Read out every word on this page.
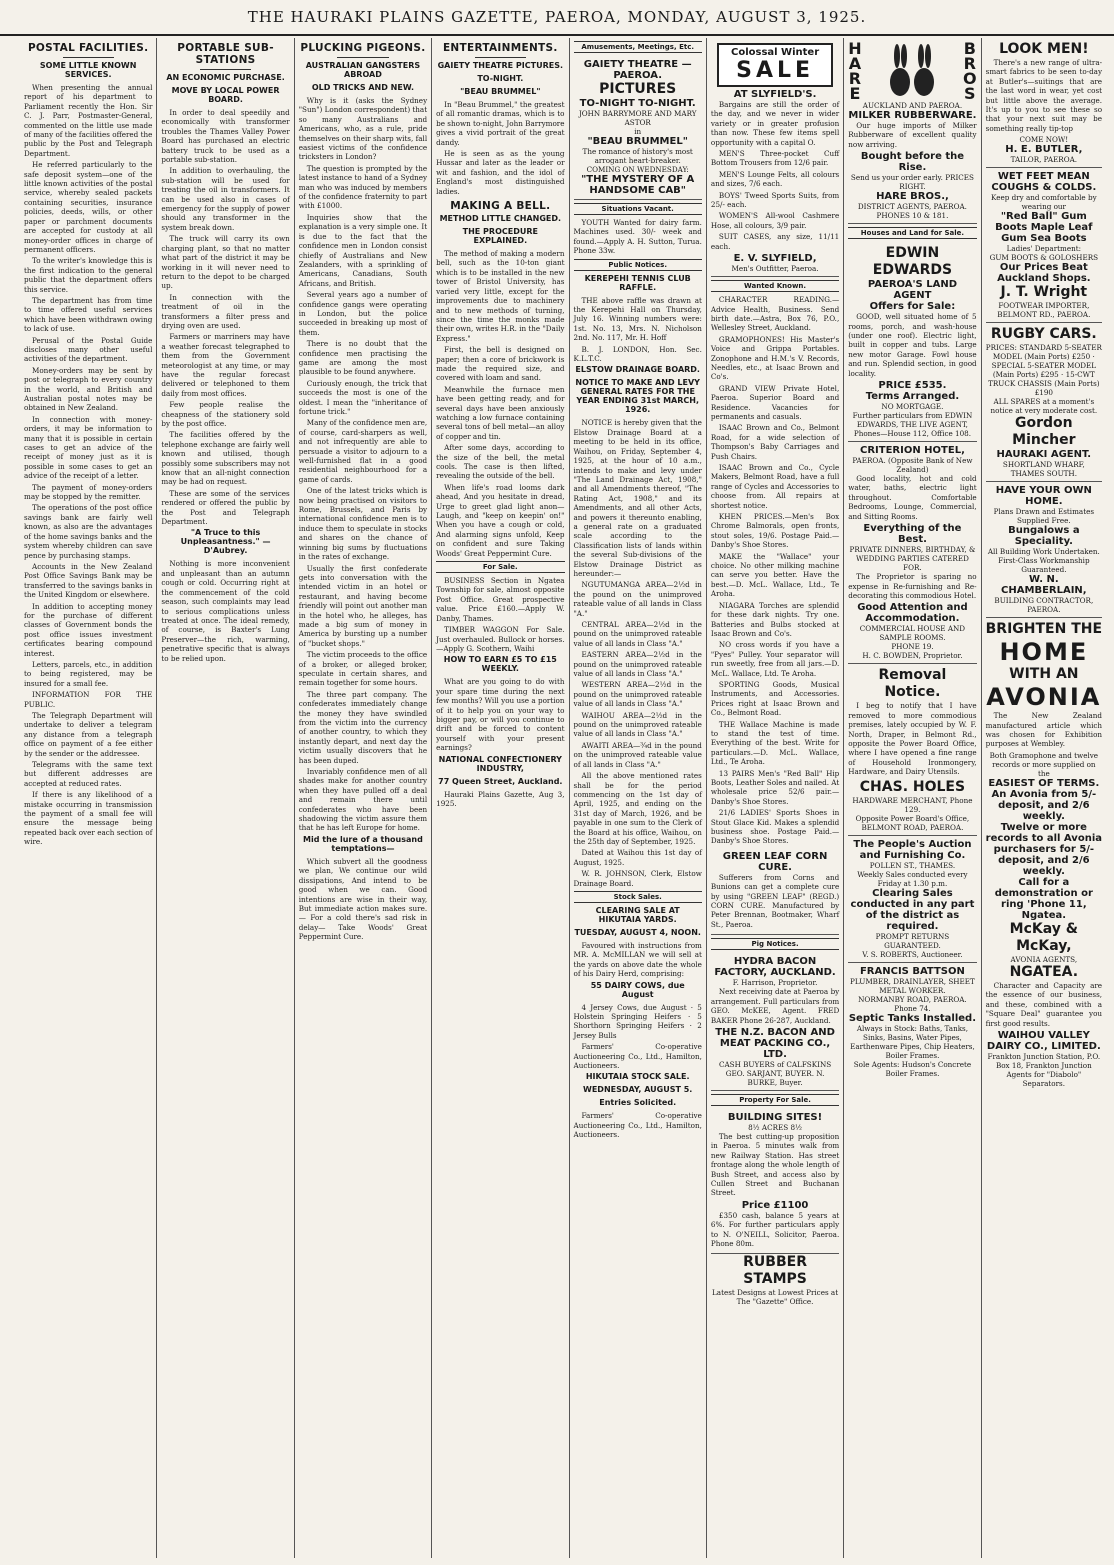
THE HAURAKI PLAINS GAZETTE, PAEROA, MONDAY, AUGUST 3, 1925.
POSTAL FACILITIES.
SOME LITTLE KNOWN SERVICES.

When presenting the annual report of his department to Parliament recently the Hon. Sir C. J. Parr, Postmaster-General, commented on the little use made of many of the facilities offered the public by the Post and Telegraph Department.

He referred particularly to the safe deposit system—one of the little known activities of the postal service, whereby sealed packets containing securities, insurance policies, deeds, wills, or other paper or parchment documents are accepted for custody at all money-order offices in charge of permanent officers.

To the writer's knowledge this is the first indication to the general public that the department offers this service.

The department has from time to time offered useful services which have been withdrawn owing to lack of use.

Perusal of the Postal Guide discloses many other useful activities of the department.

Money-orders may be sent by post or telegraph to every country in the world, and British and Australian postal notes may be obtained in New Zealand.

In connection with money-orders, it may be information to many that it is possible in certain cases to get an advice of the receipt of money just as it is possible in some cases to get an advice of the receipt of a letter.

The payment of money-orders may be stopped by the remitter.

The operations of the post office savings bank are fairly well known, as also are the advantages of the home savings banks and the system whereby children can save pence by purchasing stamps.

Accounts in the New Zealand Post Office Savings Bank may be transferred to the savings banks in the United Kingdom or elsewhere.

In addition to accepting money for the purchase of different classes of Government bonds the post office issues investment certificates bearing compound interest.

Letters, parcels, etc., in addition to being registered, may be insured for a small fee.

INFORMATION FOR THE PUBLIC.

The Telegraph Department will undertake to deliver a telegram any distance from a telegraph office on payment of a fee either by the sender or the addressee.

Telegrams with the same text but different addresses are accepted at reduced rates.

If there is any likelihood of a mistake occurring in transmission the payment of a small fee will ensure the message being repeated back over each section of wire.

PORTABLE SUB-STATIONS
AN ECONOMIC PURCHASE.
MOVE BY LOCAL POWER BOARD.

In order to deal speedily and economically with transformer troubles the Thames Valley Power Board has purchased an electric battery truck to be used as a portable sub-station.

In addition to overhauling, the sub-station will be used for treating the oil in transformers. It can be used also in cases of emergency for the supply of power should any transformer in the system break down.

The truck will carry its own charging plant, so that no matter what part of the district it may be working in it will never need to return to the depot to be charged up.

In connection with the treatment of oil in the transformers a filter press and drying oven are used.

Farmers or marriners may have a weather forecast telegraphed to them from the Government meteorologist at any time, or may have the regular forecast delivered or telephoned to them daily from most offices.

Few people realise the cheapness of the stationery sold by the post office.

The facilities offered by the telephone exchange are fairly well known and utilised, though possibly some subscribers may not know that an all-night connection may be had on request.

These are some of the services rendered or offered the public by the Post and Telegraph Department.

"A Truce to this Unpleasantness." —D'Aubrey.

Nothing is more inconvenient and unpleasant than an autumn cough or cold. Occurring right at the commencement of the cold season, such complaints may lead to serious complications unless treated at once. The ideal remedy, of course, is Baxter's Lung Preserver—the rich, warming, penetrative specific that is always to be relied upon.

PLUCKING PIGEONS.
AUSTRALIAN GANGSTERS ABROAD
OLD TRICKS AND NEW.

Why is it (asks the Sydney "Sun") London correspondent) that so many Australians and Americans, who, as a rule, pride themselves on their sharp wits, fall easiest victims of the confidence tricksters in London?

The question is prompted by the latest instance to hand of a Sydney man who was induced by members of the confidence fraternity to part with £1000.

Inquiries show that the explanation is a very simple one. It is due to the fact that the confidence men in London consist chiefly of Australians and New Zealanders, with a sprinkling of Americans, Canadians, South Africans, and British.

Several years ago a number of confidence gangs were operating in London, but the police succeeded in breaking up most of them.

There is no doubt that the confidence men practising the game are among the most plausible to be found anywhere.

Curiously enough, the trick that succeeds the most is one of the oldest. I mean the "inheritance of fortune trick."

Many of the confidence men are, of course, card-sharpers as well, and not infrequently are able to persuade a visitor to adjourn to a well-furnished flat in a good residential neighbourhood for a game of cards.

One of the latest tricks which is now being practised on visitors to Rome, Brussels, and Paris by international confidence men is to induce them to speculate in stocks and shares on the chance of winning big sums by fluctuations in the rates of exchange.

Usually the first confederate gets into conversation with the intended victim in an hotel or restaurant, and having become friendly will point out another man in the hotel who, he alleges, has made a big sum of money in America by bursting up a number of "bucket shops."

The victim proceeds to the office of a broker, or alleged broker, speculate in certain shares, and remain together for some hours.

The three part company. The confederates immediately change the money they have swindled from the victim into the currency of another country, to which they instantly depart, and next day the victim usually discovers that he has been duped.

Invariably confidence men of all shades make for another country when they have pulled off a deal and remain there until confederates who have been shadowing the victim assure them that he has left Europe for home.

Mid the lure of a thousand temptations—

Which subvert all the goodness we plan, We continue our wild dissipations, And intend to be good when we can. Good intentions are wise in their way, But immediate action makes sure.— For a cold there's sad risk in delay— Take Woods' Great Peppermint Cure.

ENTERTAINMENTS.
GAIETY THEATRE PICTURES.
TO-NIGHT.
"BEAU BRUMMEL"

In "Beau Brummel," the greatest of all romantic dramas, which is to be shown to-night, John Barrymore gives a vivid portrait of the great dandy.

He is seen as as the young Hussar and later as the leader or wit and fashion, and the idol of England's most distinguished ladies.

MAKING A BELL.
METHOD LITTLE CHANGED.
THE PROCEDURE EXPLAINED.

The method of making a modern bell, such as the 10-ton giant which is to be installed in the new tower of Bristol University, has varied very little, except for the improvements due to machinery and to new methods of turning, since the time the monks made their own, writes H.R. in the "Daily Express."

First, the bell is designed on paper; then a core of brickwork is made the required size, and covered with loam and sand.

Meanwhile the furnace men have been getting ready, and for several days have been anxiously watching a low furnace containing several tons of bell metal—an alloy of copper and tin.

After some days, according to the size of the bell, the metal cools. The case is then lifted, revealing the outside of the bell.

When life's road looms dark ahead, And you hesitate in dread, Urge to greet glad light anon— Laugh, and "keep on keepin' on!" When you have a cough or cold, And alarming signs unfold, Keep on confident and sure Taking Woods' Great Peppermint Cure.

For Sale.

BUSINESS Section in Ngatea Township for sale, almost opposite Post Office. Great prospective value. Price £160.—Apply W. Danby, Thames.

TIMBER WAGGON For Sale. Just overhauled. Bullock or horses.—Apply G. Scothern, Waihi

HOW TO EARN £5 TO £15 WEEKLY.

What are you going to do with your spare time during the next few months? Will you use a portion of it to help you on your way to bigger pay, or will you continue to drift and be forced to content yourself with your present earnings?

NATIONAL CONFECTIONERY INDUSTRY,
77 Queen Street, Auckland.

Hauraki Plains Gazette, Aug 3, 1925.

Amusements, Meetings, Etc.
GAIETY THEATRE — PAEROA.
PICTURES
TO-NIGHT TO-NIGHT.
JOHN BARRYMORE AND MARY ASTOR
in
"BEAU BRUMMEL"
The romance of history's most arrogant heart-breaker.
COMING ON WEDNESDAY:
"THE MYSTERY OF A HANDSOME CAB"
Situations Vacant.

YOUTH Wanted for dairy farm. Machines used. 30/- week and found.—Apply A. H. Sutton, Turua. Phone 33w.

Public Notices.
KEREPEHI TENNIS CLUB RAFFLE.

THE above raffle was drawn at the Kerepehi Hall on Thursday, July 16. Winning numbers were: 1st. No. 13, Mrs. N. Nicholson 2nd. No. 117, Mr. H. Hoff

B. J. LONDON, Hon. Sec. K.L.T.C.

ELSTOW DRAINAGE BOARD.
NOTICE TO MAKE AND LEVY GENERAL RATES FOR THE YEAR ENDING 31st MARCH, 1926.

NOTICE is hereby given that the Elstow Drainage Board at a meeting to be held in its office, Waihou, on Friday, September 4, 1925, at the hour of 10 a.m., intends to make and levy under "The Land Drainage Act, 1908," and all Amendments thereof, "The Rating Act, 1908," and its Amendments, and all other Acts, and powers it thereunto enabling, a general rate on a graduated scale according to the Classification lists of lands within the several Sub-divisions of the Elstow Drainage District as hereunder:—

NGUTUMANGA AREA—2½d in the pound on the unimproved rateable value of all lands in Class "A."

CENTRAL AREA—2½d in the pound on the unimproved rateable value of all lands in Class "A."

EASTERN AREA—2½d in the pound on the unimproved rateable value of all lands in Class "A."

WESTERN AREA—2½d in the pound on the unimproved rateable value of all lands in Class "A."

WAIHOU AREA—2½d in the pound on the unimproved rateable value of all lands in Class "A."

AWAITI AREA—¾d in the pound on the unimproved rateable value of all lands in Class "A."

All the above mentioned rates shall be for the period commencing on the 1st day of April, 1925, and ending on the 31st day of March, 1926, and be payable in one sum to the Clerk of the Board at his office, Waihou, on the 25th day of September, 1925.

Dated at Waihou this 1st day of August, 1925.

W. R. JOHNSON, Clerk, Elstow Drainage Board.

Stock Sales.
CLEARING SALE AT HIKUTAIA YARDS.
TUESDAY, AUGUST 4, NOON.

Favoured with instructions from MR. A. McMILLAN we will sell at the yards on above date the whole of his Dairy Herd, comprising:

55 DAIRY COWS, due August

4 Jersey Cows, due August · 5 Holstein Springing Heifers · 5 Shorthorn Springing Heifers · 2 Jersey Bulls

Farmers' Co-operative Auctioneering Co., Ltd., Hamilton, Auctioneers.

HIKUTAIA STOCK SALE.
WEDNESDAY, AUGUST 5.
Entries Solicited.

Farmers' Co-operative Auctioneering Co., Ltd., Hamilton, Auctioneers.

Colossal Winter
SALE
AT SLYFIELD'S.

Bargains are still the order of the day, and we never in wider variety or in greater profusion than now. These few items spell opportunity with a capital O.

MEN'S Three-pocket Cuff Bottom Trousers from 12/6 pair.

MEN'S Lounge Felts, all colours and sizes, 7/6 each.

BOYS' Tweed Sports Suits, from 25/- each.

WOMEN'S All-wool Cashmere Hose, all colours, 3/9 pair.

SUIT CASES, any size, 11/11 each.

E. V. SLYFIELD,
Men's Outfitter, Paeroa.
Wanted Known.

CHARACTER READING.—Advice Health, Business. Send birth date.—Astra, Box 76, P.O., Wellesley Street, Auckland.

GRAMOPHONES! His Master's Voice and Grippa Portables. Zonophone and H.M.'s V. Records, Needles, etc., at Isaac Brown and Co's.

GRAND VIEW Private Hotel, Paeroa. Superior Board and Residence. Vacancies for permanents and casuals.

ISAAC Brown and Co., Belmont Road, for a wide selection of Thompson's Baby Carriages and Push Chairs.

ISAAC Brown and Co., Cycle Makers, Belmont Road, have a full range of Cycles and Accessories to choose from. All repairs at shortest notice.

KHEN PRICES.—Men's Box Chrome Balmorals, open fronts, stout soles, 19/6. Postage Paid.—Danby's Shoe Stores.

MAKE the "Wallace" your choice. No other milking machine can serve you better. Have the best.—D. McL. Wallace, Ltd., Te Aroha.

NIAGARA Torches are splendid for these dark nights. Try one. Batteries and Bulbs stocked at Isaac Brown and Co's.

NO cross words if you have a "Pyes" Pulley. Your separator will run sweetly, free from all jars.—D. McL. Wallace, Ltd. Te Aroha.

SPORTING Goods, Musical Instruments, and Accessories. Prices right at Isaac Brown and Co., Belmont Road.

THE Wallace Machine is made to stand the test of time. Everything of the best. Write for particulars.—D. McL. Wallace, Ltd., Te Aroha.

13 PAIRS Men's "Red Ball" Hip Boots, Leather Soles and nailed. At wholesale price 52/6 pair.—Danby's Shoe Stores.

21/6 LADIES' Sports Shoes in Stout Glace Kid. Makes a splendid business shoe. Postage Paid.—Danby's Shoe Stores.

GREEN LEAF CORN CURE.

Sufferers from Corns and Bunions can get a complete cure by using "GREEN LEAF" (REGD.) CORN CURE. Manufactured by Peter Brennan, Bootmaker, Wharf St., Paeroa.

Pig Notices.
HYDRA BACON FACTORY, AUCKLAND.
F. Harrison, Proprietor.

Next receiving date at Paeroa by arrangement. Full particulars from GEO. McKEE, Agent. FRED BAKER Phone 26-287, Auckland.

THE N.Z. BACON AND MEAT PACKING CO., LTD.
CASH BUYERS of CALFSKINS
GEO. SARJANT, BUYER. N. BURKE, Buyer.
Property For Sale.
BUILDING SITES!
8½ ACRES 8½

The best cutting-up proposition in Paeroa. 5 minutes walk from new Railway Station. Has street frontage along the whole length of Bush Street, and access also by Cullen Street and Buchanan Street.

Price £1100

£350 cash, balance 5 years at 6%. For further particulars apply to N. O'NEILL, Solicitor, Paeroa. Phone 80m.

RUBBER STAMPS
Latest Designs at Lowest Prices at The "Gazette" Office.
H
A
R
E
B
R
O
S
AUCKLAND AND PAEROA.
MILKER RUBBERWARE.

Our huge imports of Milker Rubberware of excellent quality now arriving.

Bought before the Rise.
Send us your order early. PRICES RIGHT.
HARE BROS.,
DISTRICT AGENTS, PAEROA. PHONES 10 & 181.
Houses and Land for Sale.
EDWIN EDWARDS
PAEROA'S LAND AGENT
Offers for Sale:

GOOD, well situated home of 5 rooms, porch, and wash-house (under one roof). Electric light, built in copper and tubs. Large new motor Garage. Fowl house and run. Splendid section, in good locality.

PRICE £535.
Terms Arranged.
NO MORTGAGE.
Further particulars from EDWIN EDWARDS, THE LIVE AGENT, Phones—House 112, Office 108.
CRITERION HOTEL,
PAEROA. (Opposite Bank of New Zealand)

Good locality, hot and cold water, baths, electric light throughout. Comfortable Bedrooms, Lounge, Commercial, and Sitting Rooms.

Everything of the Best.
PRIVATE DINNERS, BIRTHDAY, & WEDDING PARTIES CATERED FOR.

The Proprietor is sparing no expense in Re-furnishing and Re-decorating this commodious Hotel.

Good Attention and Accommodation.
COMMERCIAL HOUSE AND SAMPLE ROOMS.
PHONE 19.
H. C. BOWDEN, Proprietor.
Removal Notice.

I beg to notify that I have removed to more commodious premises, lately occupied by W. F. North, Draper, in Belmont Rd., opposite the Power Board Office, where I have opened a fine range of Household Ironmongery, Hardware, and Dairy Utensils.

CHAS. HOLES
HARDWARE MERCHANT, Phone 129.
Opposite Power Board's Office, BELMONT ROAD, PAEROA.
The People's Auction and Furnishing Co.
POLLEN ST., THAMES.
Weekly Sales conducted every Friday at 1.30 p.m.
Clearing Sales conducted in any part of the district as required.
PROMPT RETURNS GUARANTEED.
V. S. ROBERTS, Auctioneer.
FRANCIS BATTSON
PLUMBER, DRAINLAYER, SHEET METAL WORKER.
NORMANBY ROAD, PAEROA. Phone 74.
Septic Tanks Installed.
Always in Stock: Baths, Tanks, Sinks, Basins, Water Pipes, Earthenware Pipes, Chip Heaters, Boiler Frames.
Sole Agents: Hudson's Concrete Boiler Frames.
LOOK MEN!

There's a new range of ultra-smart fabrics to be seen to-day at Butler's—suitings that are the last word in wear, yet cost but little above the average. It's up to you to see these so that your next suit may be something really tip-top

COME NOW!
H. E. BUTLER,
TAILOR, PAEROA.
WET FEET MEAN COUGHS & COLDS.
Keep dry and comfortable by wearing our
"Red Ball" Gum Boots Maple Leaf Gum Sea Boots
Ladies' Department:
GUM BOOTS & GOLOSHERS
Our Prices Beat Auckland Shops.
J. T. Wright
FOOTWEAR IMPORTER, BELMONT RD., PAEROA.
RUGBY CARS.
PRICES: STANDARD 5-SEATER MODEL (Main Ports) £250 · SPECIAL 5-SEATER MODEL (Main Ports) £295 · 15-CWT TRUCK CHASSIS (Main Ports) £190
ALL SPARES at a moment's notice at very moderate cost.
Gordon Mincher
HAURAKI AGENT.
SHORTLAND WHARF, THAMES SOUTH.
HAVE YOUR OWN HOME.
Plans Drawn and Estimates Supplied Free.
Bungalows a Speciality.
All Building Work Undertaken.
First-Class Workmanship Guaranteed.
W. N. CHAMBERLAIN,
BUILDING CONTRACTOR, PAEROA.
BRIGHTEN THE
HOME
WITH AN
AVONIA

The New Zealand manufactured article which was chosen for Exhibition purposes at Wembley.

Both Gramophone and twelve records or more supplied on the
EASIEST OF TERMS.
An Avonia from 5/- deposit, and 2/6 weekly.
Twelve or more records to all Avonia purchasers for 5/- deposit, and 2/6 weekly.
Call for a demonstration or ring 'Phone 11, Ngatea.
McKay & McKay,
AVONIA AGENTS,
NGATEA.

Character and Capacity are the essence of our business, and these, combined with a "Square Deal" guarantee you first good results.

WAIHOU VALLEY DAIRY CO., LIMITED.
Frankton Junction Station, P.O. Box 18, Frankton Junction Agents for "Diabolo" Separators.
